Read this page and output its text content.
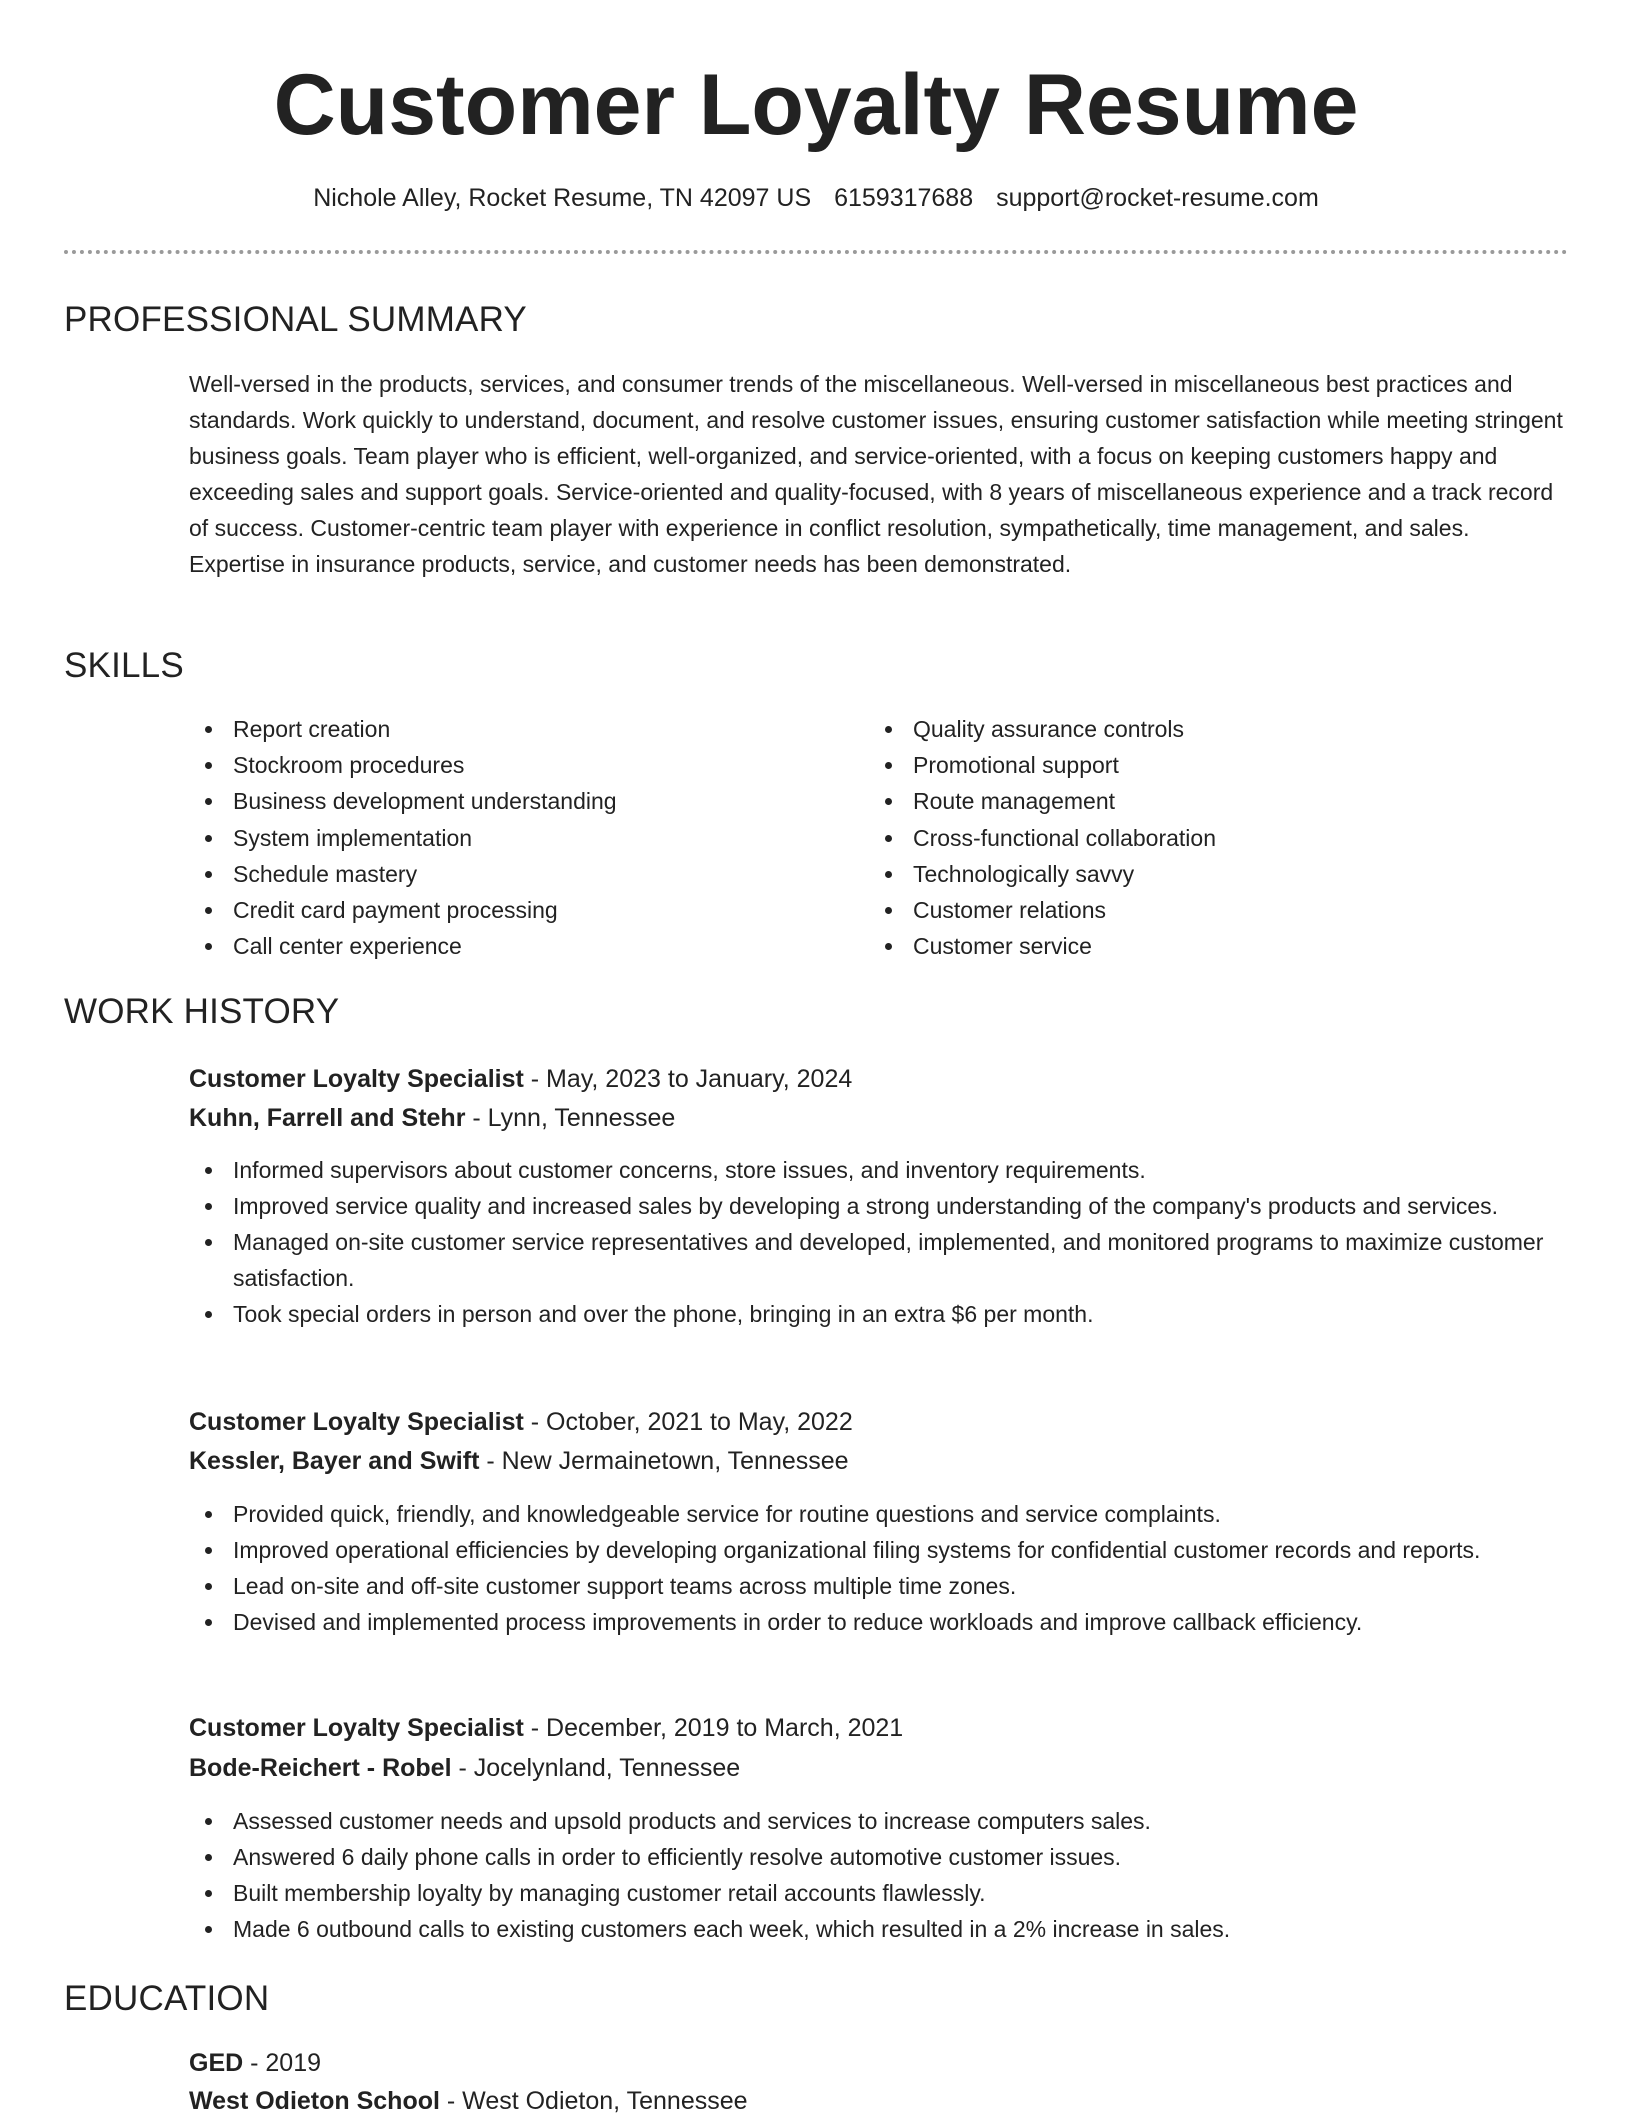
Customer Loyalty Resume
Nichole Alley, Rocket Resume, TN 42097 US 6159317688 support@rocket-resume.com
PROFESSIONAL SUMMARY

Well-versed in the products, services, and consumer trends of the miscellaneous. Well-versed in miscellaneous best practices and standards. Work quickly to understand, document, and resolve customer issues, ensuring customer satisfaction while meeting stringent business goals. Team player who is efficient, well-organized, and service-oriented, with a focus on keeping customers happy and exceeding sales and support goals. Service-oriented and quality-focused, with 8 years of miscellaneous experience and a track record of success. Customer-centric team player with experience in conflict resolution, sympathetically, time management, and sales. Expertise in insurance products, service, and customer needs has been demonstrated.

SKILLS
Report creation
Stockroom procedures
Business development understanding
System implementation
Schedule mastery
Credit card payment processing
Call center experience
Quality assurance controls
Promotional support
Route management
Cross-functional collaboration
Technologically savvy
Customer relations
Customer service
WORK HISTORY
Customer Loyalty Specialist - May, 2023 to January, 2024
Kuhn, Farrell and Stehr - Lynn, Tennessee
Informed supervisors about customer concerns, store issues, and inventory requirements.
Improved service quality and increased sales by developing a strong understanding of the company's products and services.
Managed on-site customer service representatives and developed, implemented, and monitored programs to maximize customer satisfaction.
Took special orders in person and over the phone, bringing in an extra $6 per month.
Customer Loyalty Specialist - October, 2021 to May, 2022
Kessler, Bayer and Swift - New Jermainetown, Tennessee
Provided quick, friendly, and knowledgeable service for routine questions and service complaints.
Improved operational efficiencies by developing organizational filing systems for confidential customer records and reports.
Lead on-site and off-site customer support teams across multiple time zones.
Devised and implemented process improvements in order to reduce workloads and improve callback efficiency.
Customer Loyalty Specialist - December, 2019 to March, 2021
Bode-Reichert - Robel - Jocelynland, Tennessee
Assessed customer needs and upsold products and services to increase computers sales.
Answered 6 daily phone calls in order to efficiently resolve automotive customer issues.
Built membership loyalty by managing customer retail accounts flawlessly.
Made 6 outbound calls to existing customers each week, which resulted in a 2% increase in sales.
EDUCATION
GED - 2019
West Odieton School - West Odieton, Tennessee
